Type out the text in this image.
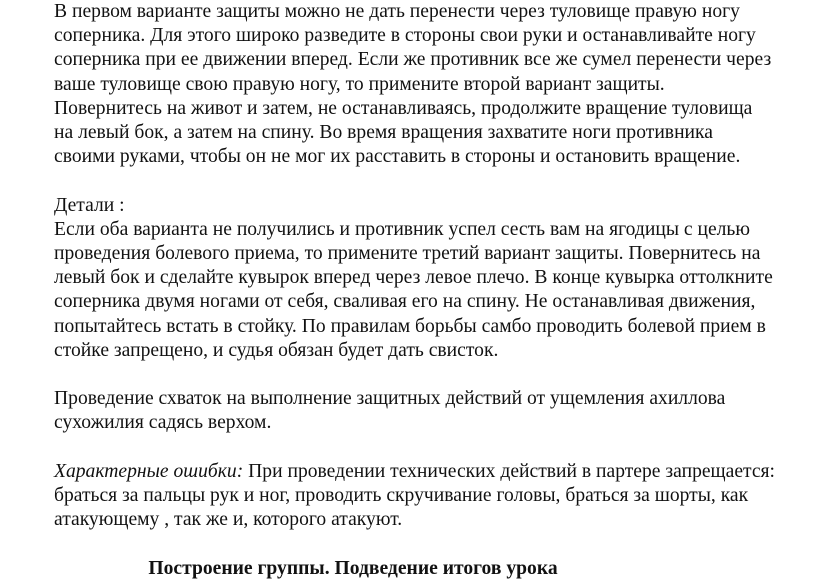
В первом варианте защиты можно не дать перенести через туловище правую ногу
соперника. Для этого широко разведите в стороны свои руки и останавливайте ногу
соперника при ее движении вперед. Если же противник все же сумел перенести через
ваше туловище свою правую ногу, то примените второй вариант защиты.
Повернитесь на живот и затем, не останавливаясь, продолжите вращение туловища
на левый бок, а затем на спину. Во время вращения захватите ноги противника
своими руками, чтобы он не мог их расставить в стороны и остановить вращение.

Детали :
Если оба варианта не получились и противник успел сесть вам на ягодицы с целью
проведения болевого приема, то примените третий вариант защиты. Повернитесь на
левый бок и сделайте кувырок вперед через левое плечо. В конце кувырка оттолкните
соперника двумя ногами от себя, сваливая его на спину. Не останавливая движения,
попытайтесь встать в стойку. По правилам борьбы самбо проводить болевой прием в
стойке запрещено, и судья обязан будет дать свисток.

Проведение схваток на выполнение защитных действий от ущемления ахиллова
сухожилия садясь верхом.

Характерные ошибки: При проведении технических действий в партере запрещается:
браться за пальцы рук и ног, проводить скручивание головы, браться за шорты, как
атакующему , так же и, которого атакуют.

Построение группы. Подведение итогов урока
